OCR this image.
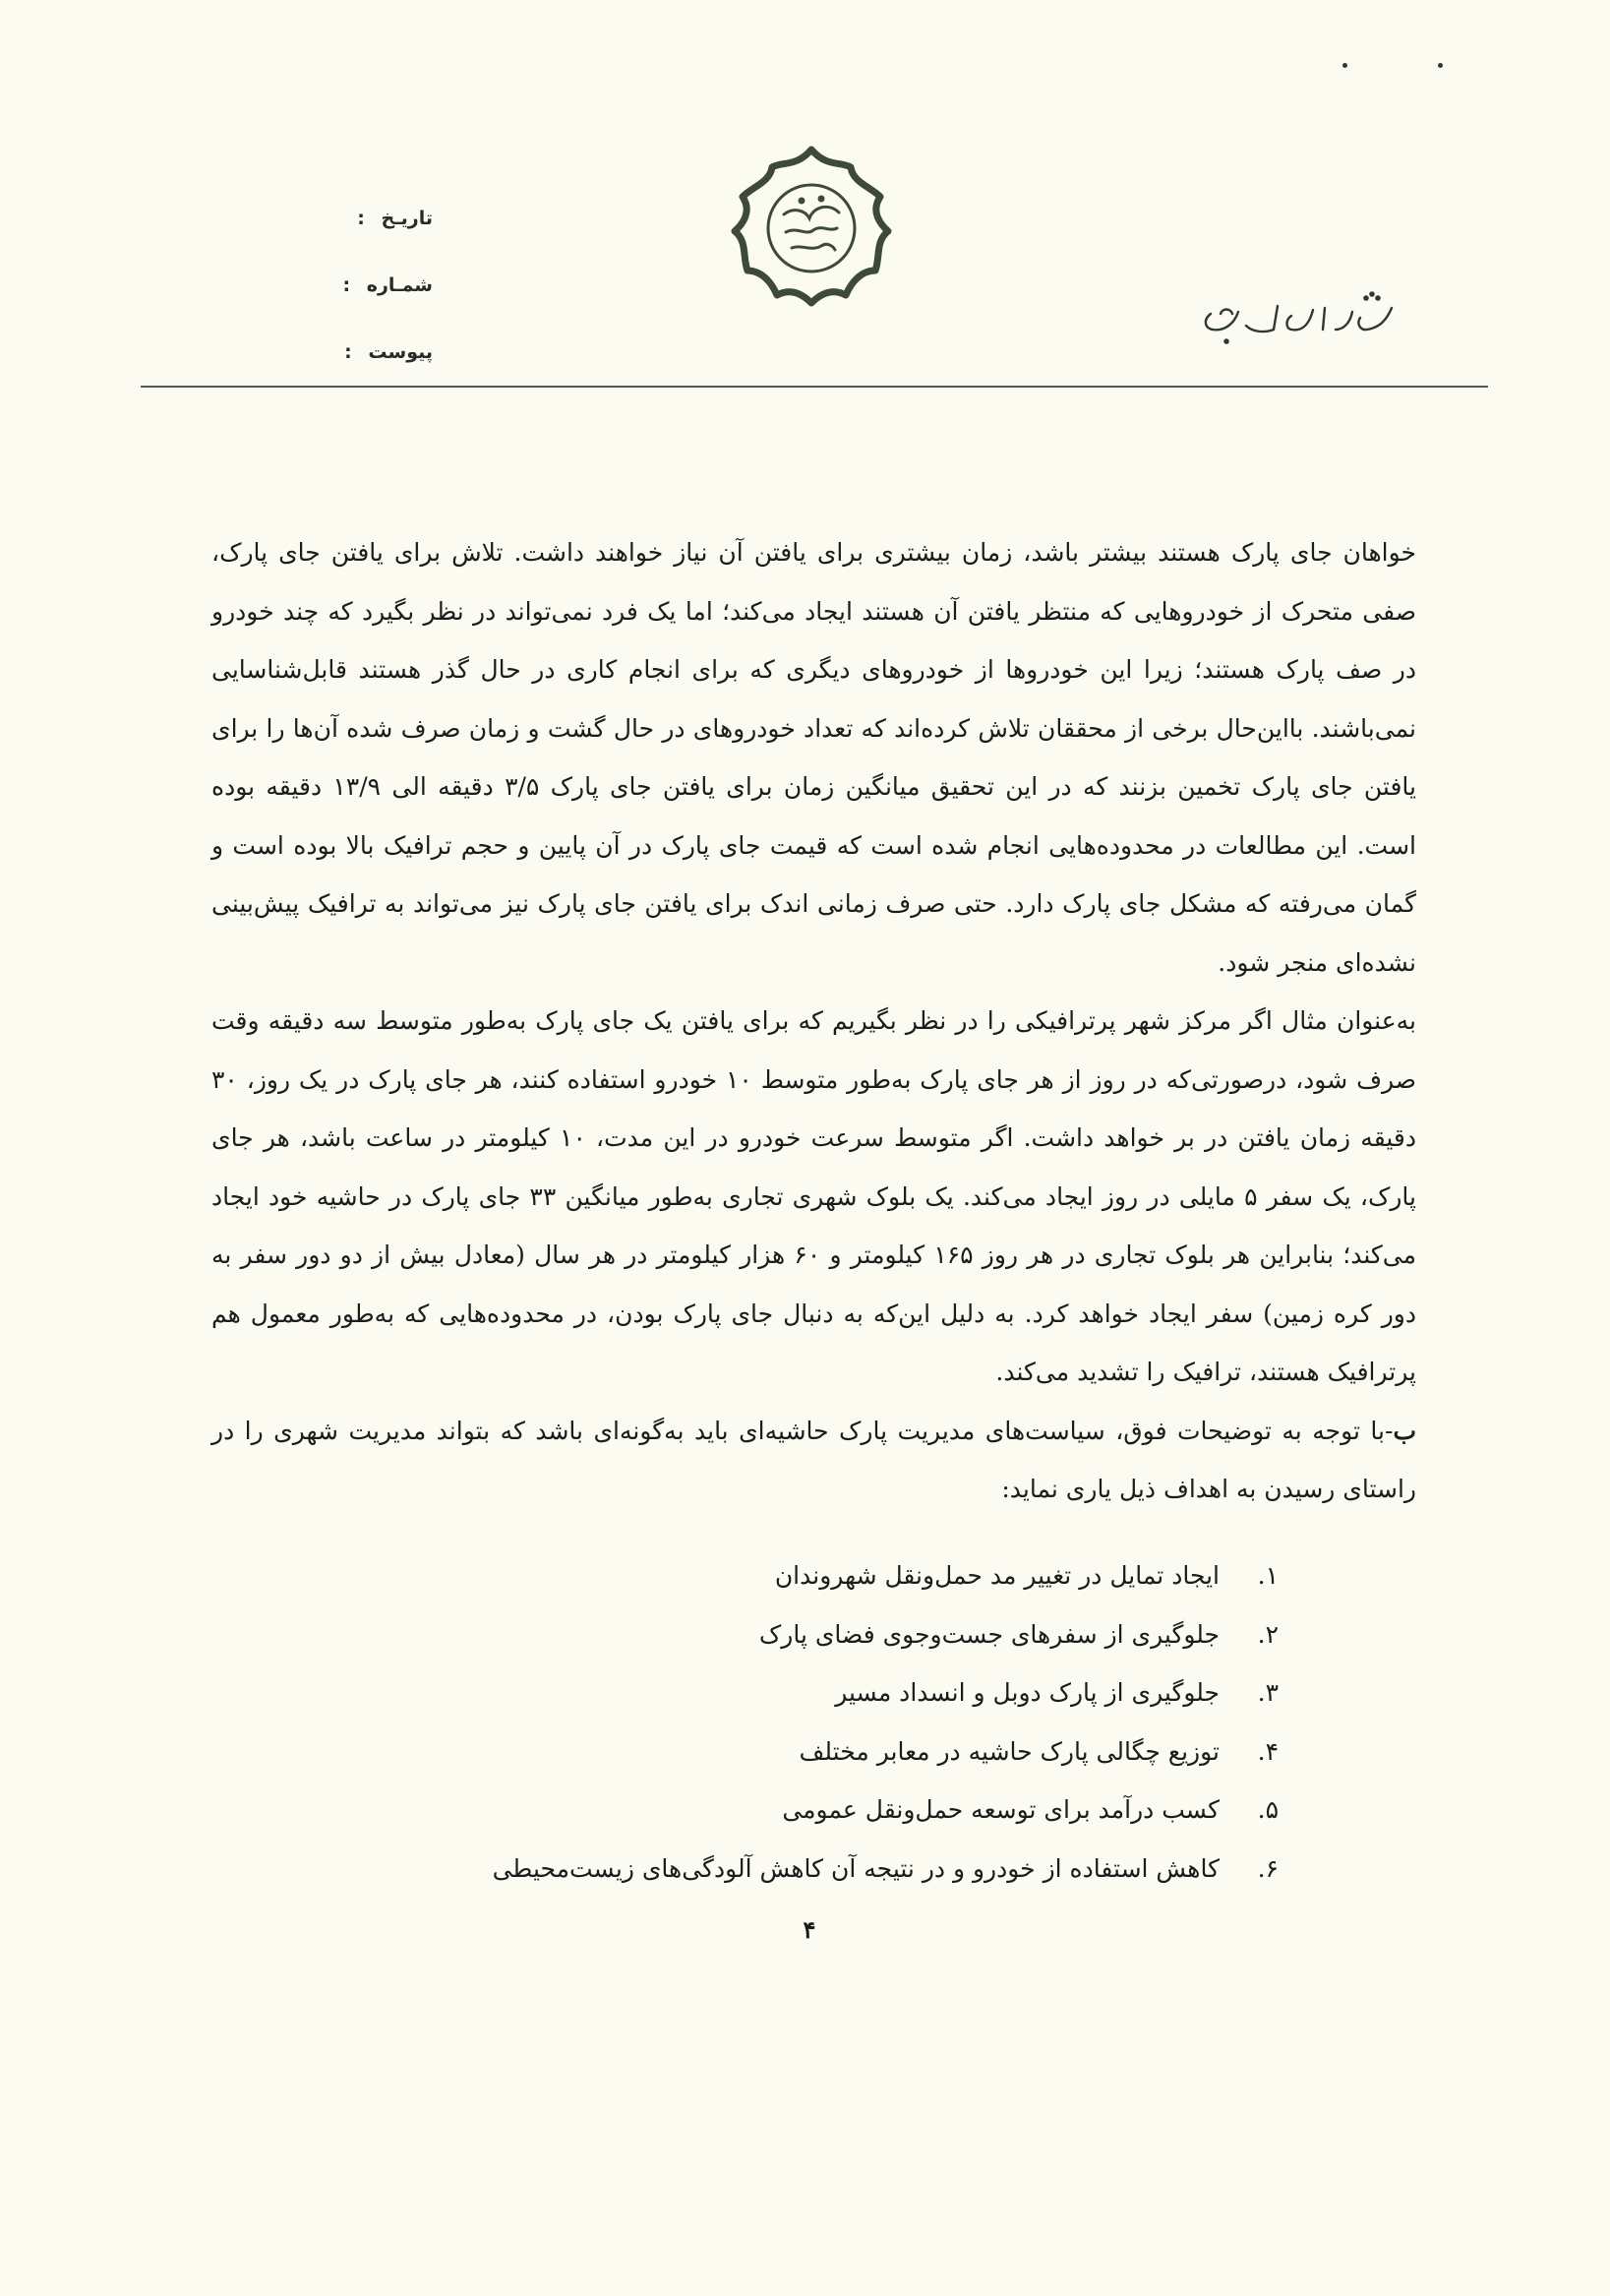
تاریـخ :
شمـاره :
پیوست :

خواهان جای پارک هستند بیشتر باشد، زمان بیشتری برای یافتن آن نیاز خواهند داشت. تلاش برای یافتن جای پارک، صفی متحرک از خودروهایی که منتظر یافتن آن هستند ایجاد می‌کند؛ اما یک فرد نمی‌تواند در نظر بگیرد که چند خودرو در صف پارک هستند؛ زیرا این خودروها از خودروهای دیگری که برای انجام کاری در حال گذر هستند قابل‌شناسایی نمی‌باشند. بااین‌حال برخی از محققان تلاش کرده‌اند که تعداد خودروهای در حال گشت و زمان صرف شده آن‌ها را برای یافتن جای پارک تخمین بزنند که در این تحقیق میانگین زمان برای یافتن جای پارک ۳/۵ دقیقه الی ۱۳/۹ دقیقه بوده است. این مطالعات در محدوده‌هایی انجام شده است که قیمت جای پارک در آن پایین و حجم ترافیک بالا بوده است و گمان می‌رفته که مشکل جای پارک دارد. حتی صرف زمانی اندک برای یافتن جای پارک نیز می‌تواند به ترافیک پیش‌بینی نشده‌ای منجر شود.

به‌عنوان مثال اگر مرکز شهر پرترافیکی را در نظر بگیریم که برای یافتن یک جای پارک به‌طور متوسط سه دقیقه وقت صرف شود، درصورتی‌که در روز از هر جای پارک به‌طور متوسط ۱۰ خودرو استفاده کنند، هر جای پارک در یک روز، ۳۰ دقیقه زمان یافتن در بر خواهد داشت. اگر متوسط سرعت خودرو در این مدت، ۱۰ کیلومتر در ساعت باشد، هر جای پارک، یک سفر ۵ مایلی در روز ایجاد می‌کند. یک بلوک شهری تجاری به‌طور میانگین ۳۳ جای پارک در حاشیه خود ایجاد می‌کند؛ بنابراین هر بلوک تجاری در هر روز ۱۶۵ کیلومتر و ۶۰ هزار کیلومتر در هر سال (معادل بیش از دو دور سفر به دور کره زمین) سفر ایجاد خواهد کرد. به دلیل این‌که به دنبال جای پارک بودن، در محدوده‌هایی که به‌طور معمول هم پرترافیک هستند، ترافیک را تشدید می‌کند.

ب-با توجه به توضیحات فوق، سیاست‌های مدیریت پارک حاشیه‌ای باید به‌گونه‌ای باشد که بتواند مدیریت شهری را در راستای رسیدن به اهداف ذیل یاری نماید:

۱.ایجاد تمایل در تغییر مد حمل‌ونقل شهروندان
۲.جلوگیری از سفرهای جست‌وجوی فضای پارک
۳.جلوگیری از پارک دوبل و انسداد مسیر
۴.توزیع چگالی پارک حاشیه در معابر مختلف
۵.کسب درآمد برای توسعه حمل‌ونقل عمومی
۶.کاهش استفاده از خودرو و در نتیجه آن کاهش آلودگی‌های زیست‌محیطی
۴
